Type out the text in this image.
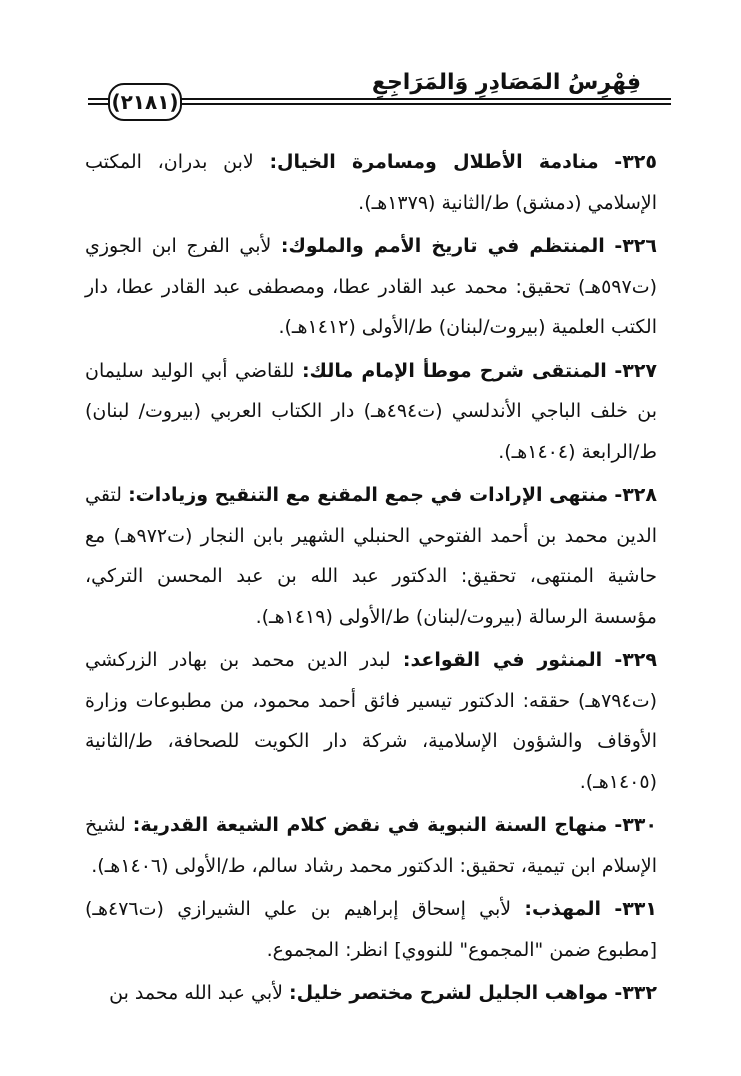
فِهْرِسُ المَصَادِرِ وَالمَرَاجِعِ
(٢١٨١)
٣٢٥- منادمة الأطلال ومسامرة الخيال: لابن بدران، المكتب الإسلامي (دمشق) ط/الثانية (١٣٧٩هـ).
٣٢٦- المنتظم في تاريخ الأمم والملوك: لأبي الفرج ابن الجوزي (ت٥٩٧هـ) تحقيق: محمد عبد القادر عطا، ومصطفى عبد القادر عطا، دار الكتب العلمية (بيروت/لبنان) ط/الأولى (١٤١٢هـ).
٣٢٧- المنتقى شرح موطأ الإمام مالك: للقاضي أبي الوليد سليمان بن خلف الباجي الأندلسي (ت٤٩٤هـ) دار الكتاب العربي (بيروت/ لبنان) ط/الرابعة (١٤٠٤هـ).
٣٢٨- منتهى الإرادات في جمع المقنع مع التنقيح وزيادات: لتقي الدين محمد بن أحمد الفتوحي الحنبلي الشهير بابن النجار (ت٩٧٢هـ) مع حاشية المنتهى، تحقيق: الدكتور عبد الله بن عبد المحسن التركي، مؤسسة الرسالة (بيروت/لبنان) ط/الأولى (١٤١٩هـ).
٣٢٩- المنثور في القواعد: لبدر الدين محمد بن بهادر الزركشي (ت٧٩٤هـ) حققه: الدكتور تيسير فائق أحمد محمود، من مطبوعات وزارة الأوقاف والشؤون الإسلامية، شركة دار الكويت للصحافة، ط/الثانية (١٤٠٥هـ).
٣٣٠- منهاج السنة النبوية في نقض كلام الشيعة القدرية: لشيخ الإسلام ابن تيمية، تحقيق: الدكتور محمد رشاد سالم، ط/الأولى (١٤٠٦هـ).
٣٣١- المهذب: لأبي إسحاق إبراهيم بن علي الشيرازي (ت٤٧٦هـ) [مطبوع ضمن "المجموع" للنووي] انظر: المجموع.
٣٣٢- مواهب الجليل لشرح مختصر خليل: لأبي عبد الله محمد بن
